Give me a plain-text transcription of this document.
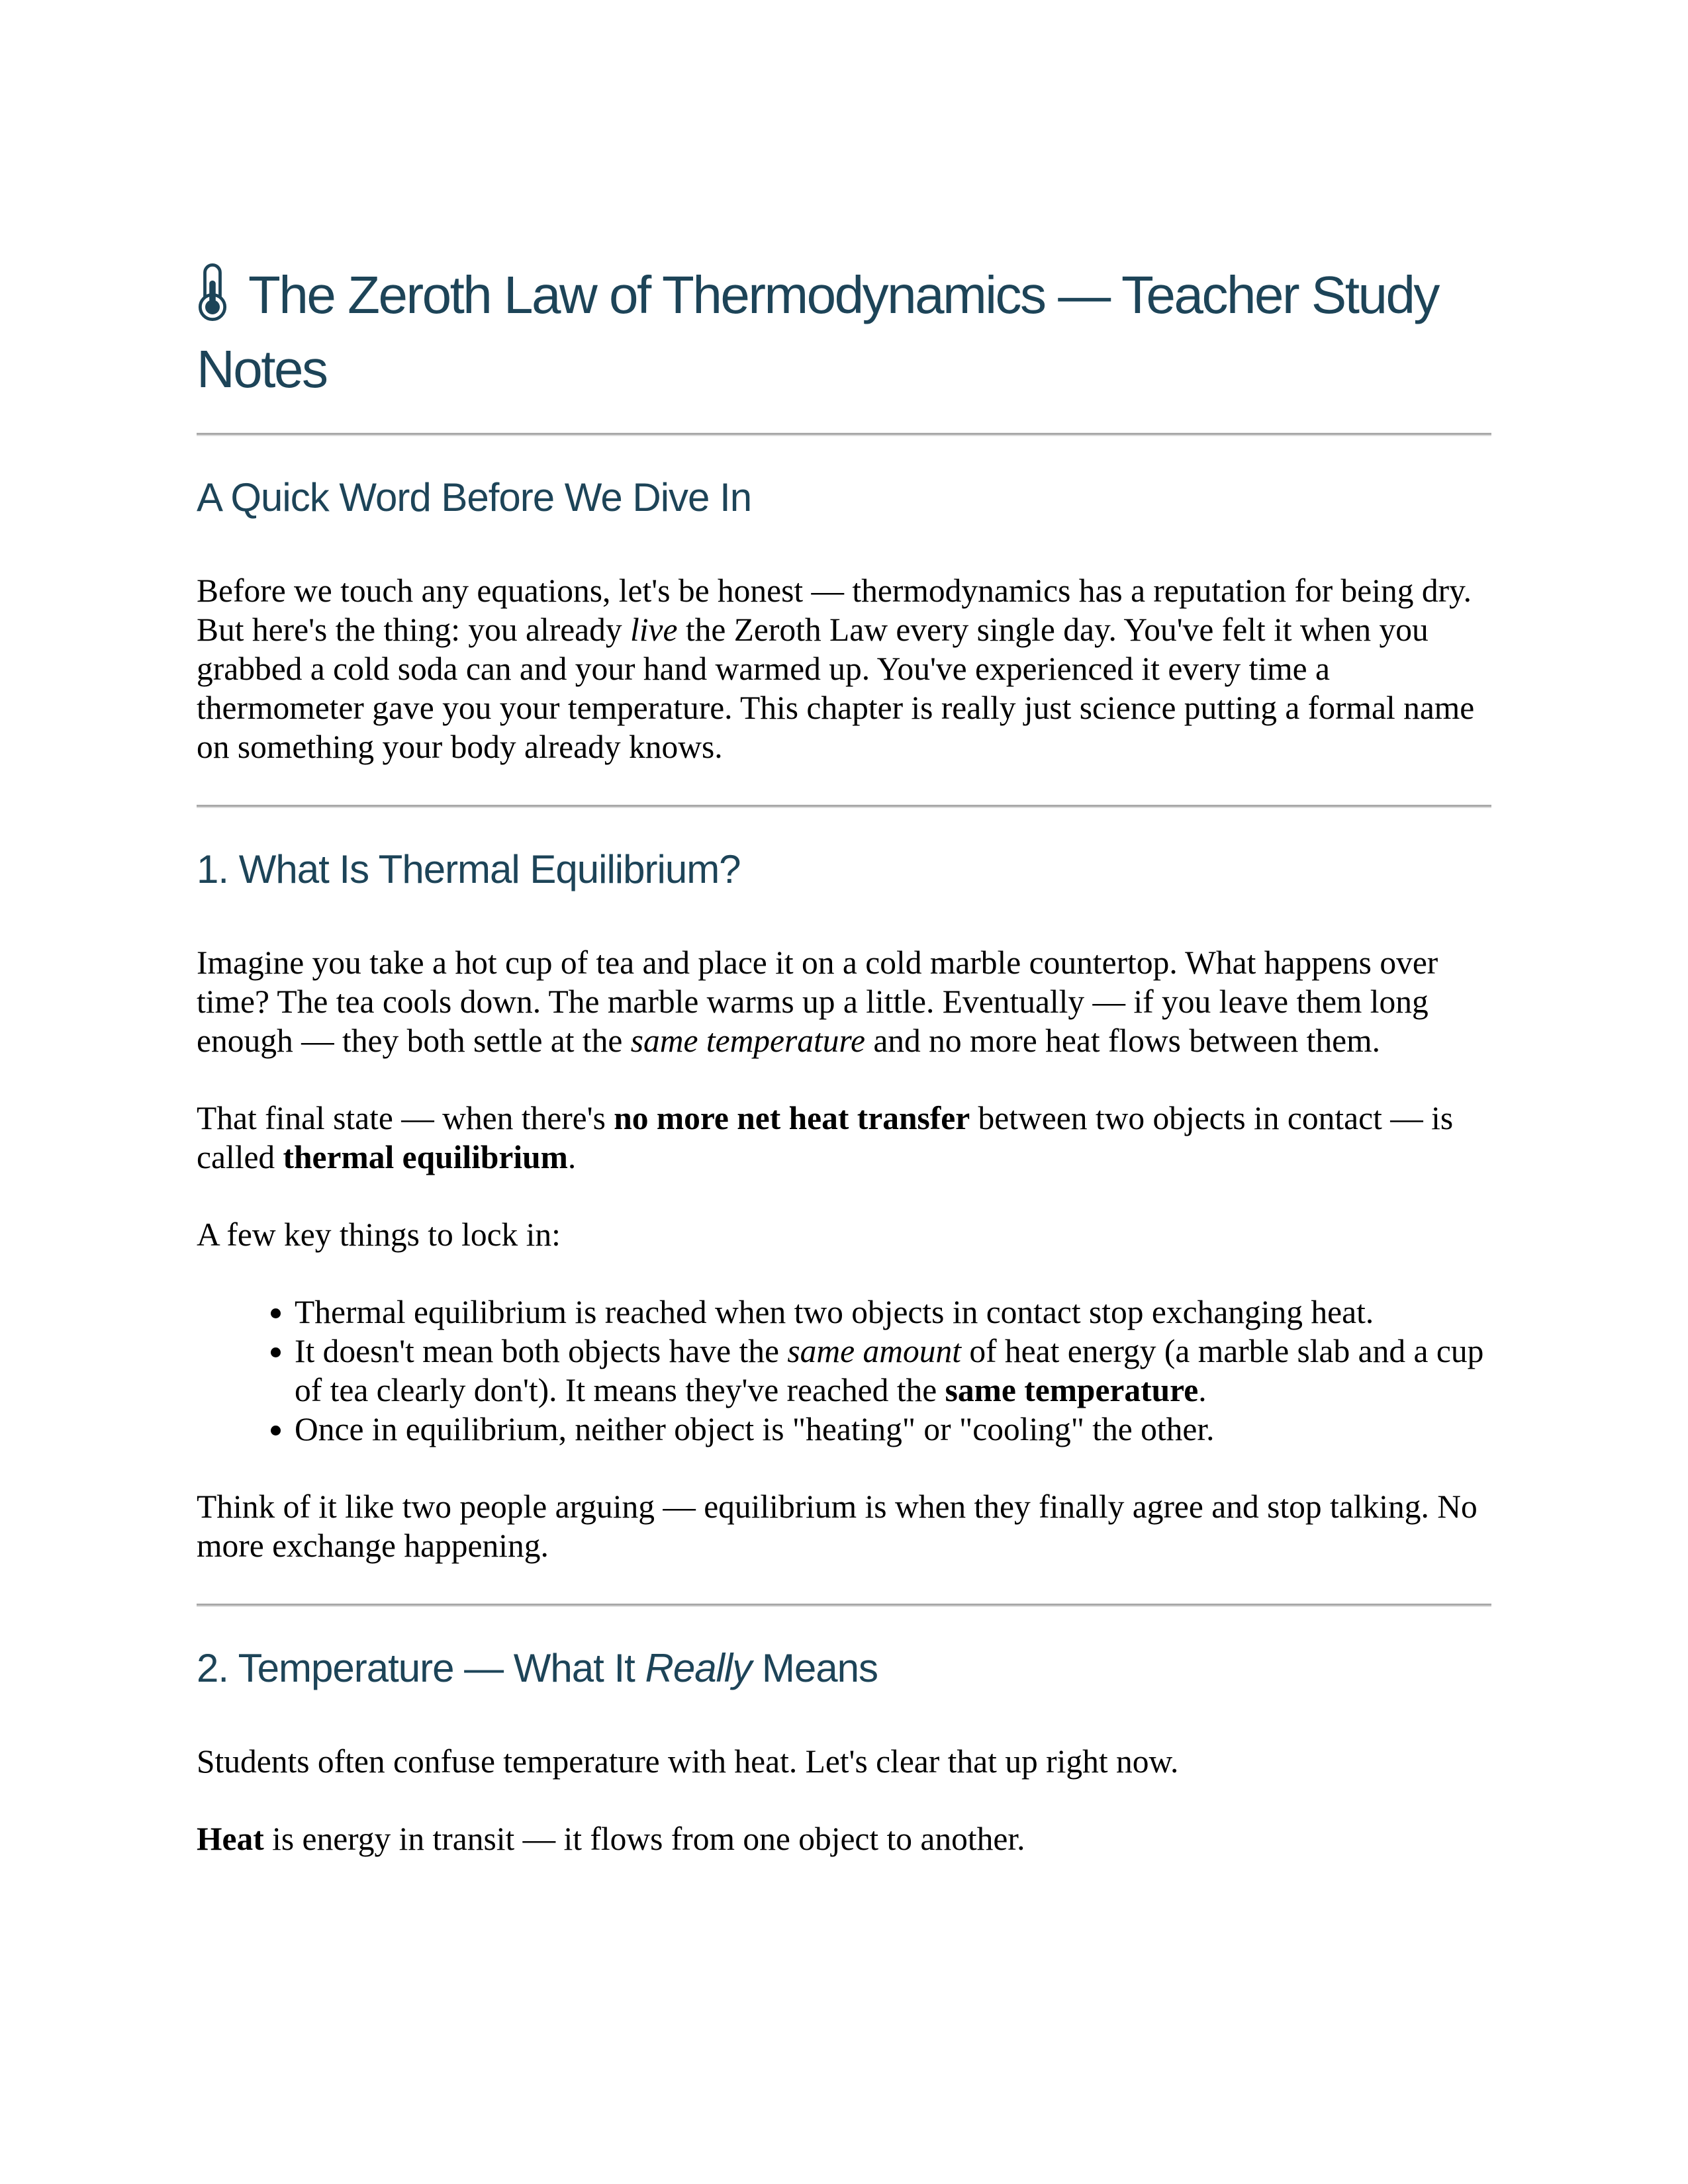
The Zeroth Law of Thermodynamics — Teacher Study Notes
A Quick Word Before We Dive In

Before we touch any equations, let's be honest — thermodynamics has a reputation for being dry. But here's the thing: you already live the Zeroth Law every single day. You've felt it when you grabbed a cold soda can and your hand warmed up. You've experienced it every time a thermometer gave you your temperature. This chapter is really just science putting a formal name on something your body already knows.

1. What Is Thermal Equilibrium?

Imagine you take a hot cup of tea and place it on a cold marble countertop. What happens over time? The tea cools down. The marble warms up a little. Eventually — if you leave them long enough — they both settle at the same temperature and no more heat flows between them.

That final state — when there's no more net heat transfer between two objects in contact — is called thermal equilibrium.

A few key things to lock in:

• Thermal equilibrium is reached when two objects in contact stop exchanging heat.
• It doesn't mean both objects have the same amount of heat energy (a marble slab and a cup of tea clearly don't). It means they've reached the same temperature.
• Once in equilibrium, neither object is "heating" or "cooling" the other.

Think of it like two people arguing — equilibrium is when they finally agree and stop talking. No more exchange happening.

2. Temperature — What It Really Means

Students often confuse temperature with heat. Let's clear that up right now.

Heat is energy in transit — it flows from one object to another.
